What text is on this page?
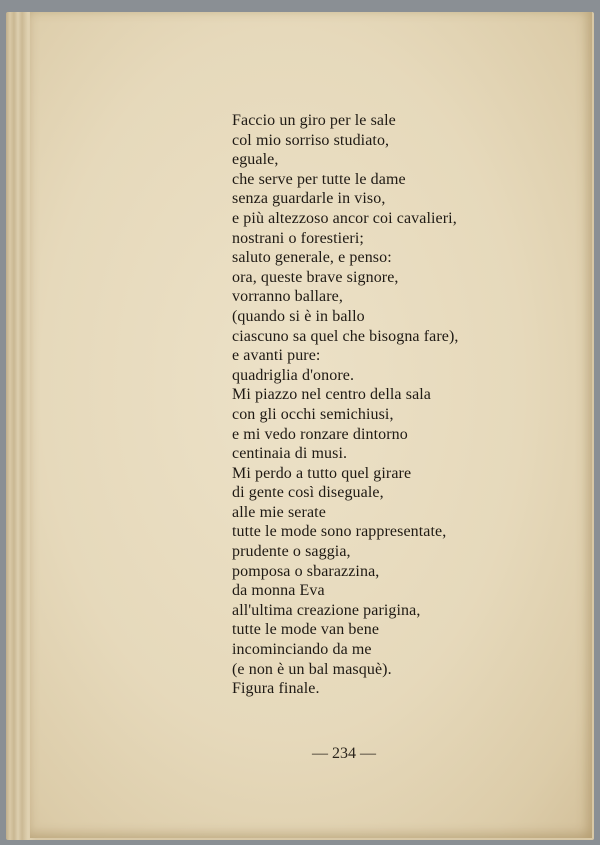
Faccio un giro per le sale
col mio sorriso studiato,
eguale,
che serve per tutte le dame
senza guardarle in viso,
e più altezzoso ancor coi cavalieri,
nostrani o forestieri;
saluto generale, e penso:
ora, queste brave signore,
vorranno ballare,
(quando si è in ballo
ciascuno sa quel che bisogna fare),
e avanti pure:
quadriglia d'onore.
Mi piazzo nel centro della sala
con gli occhi semichiusi,
e mi vedo ronzare dintorno
centinaia di musi.
Mi perdo a tutto quel girare
di gente così diseguale,
alle mie serate
tutte le mode sono rappresentate,
prudente o saggia,
pomposa o sbarazzina,
da monna Eva
all'ultima creazione parigina,
tutte le mode van bene
incominciando da me
(e non è un bal masquè).
Figura finale.
— 234 —
